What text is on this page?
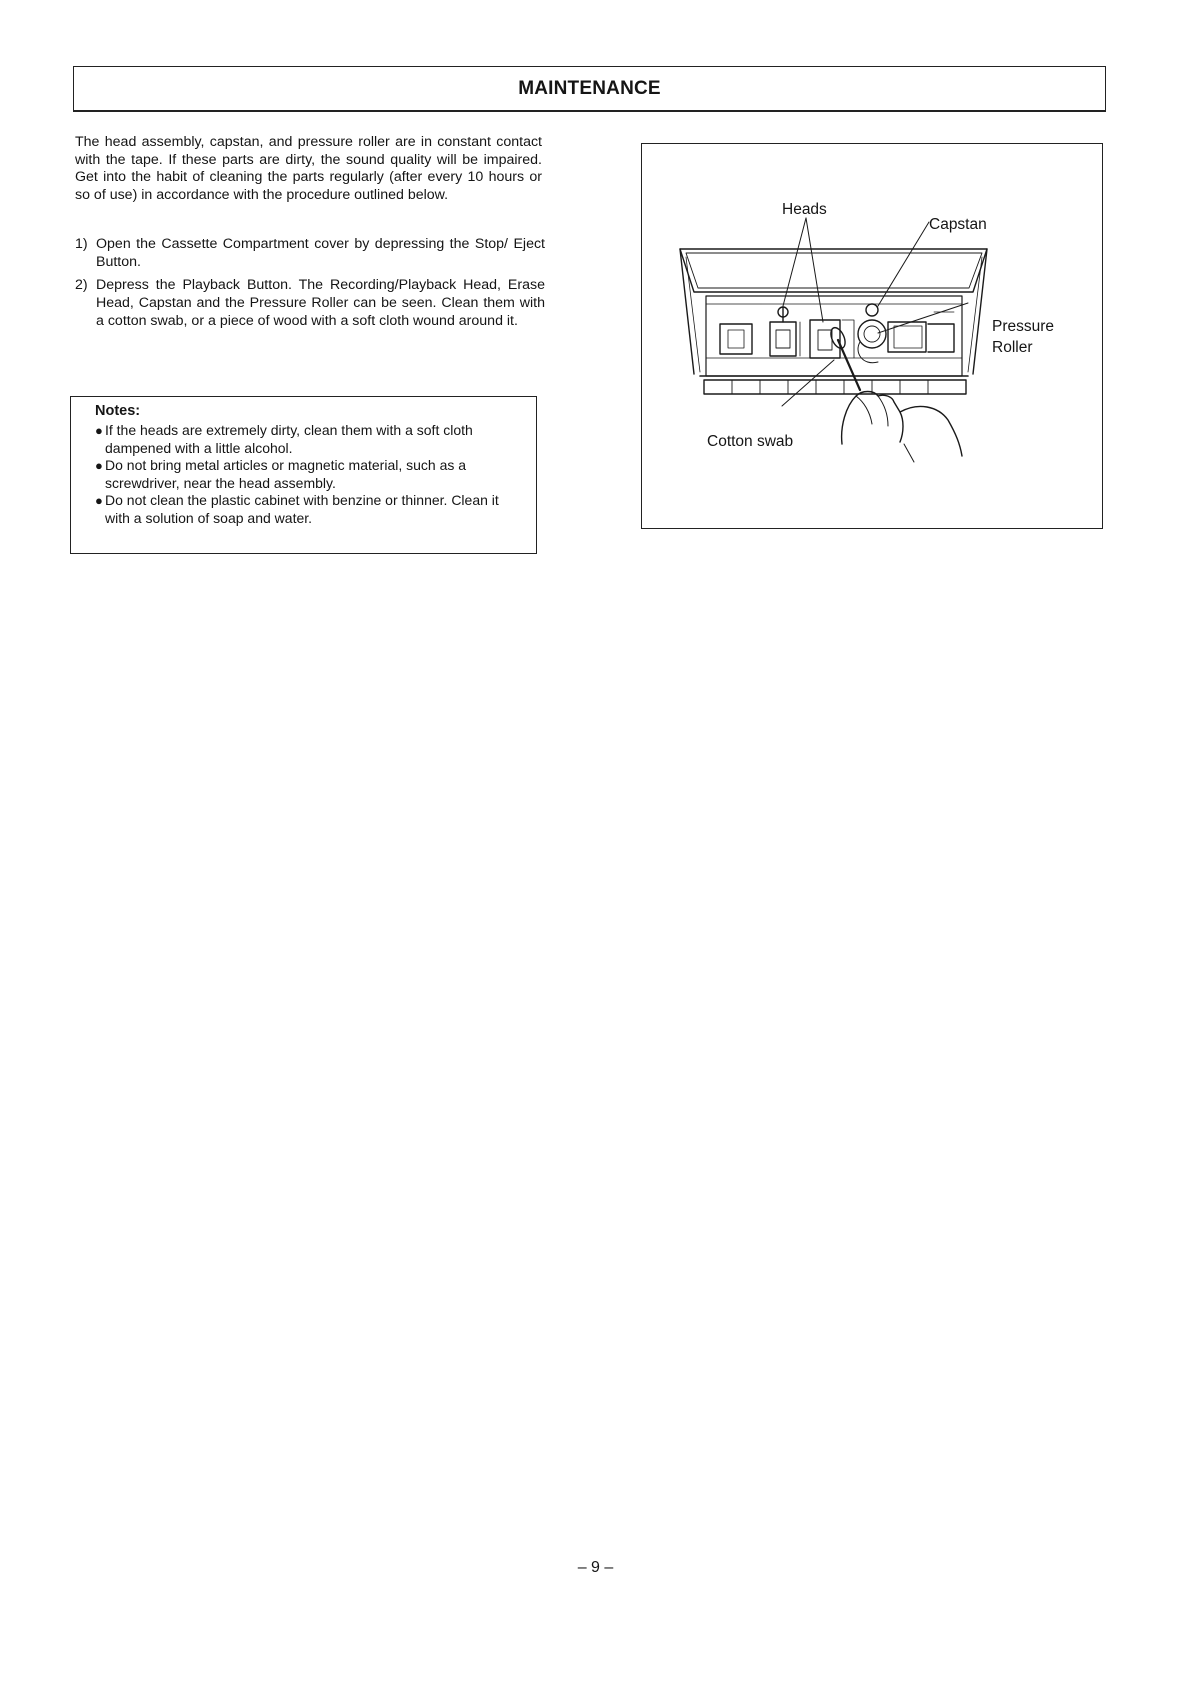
MAINTENANCE

The head assembly, capstan, and pressure roller are in constant contact with the tape. If these parts are dirty, the sound quality will be impaired. Get into the habit of cleaning the parts regularly (after every 10 hours or so of use) in accordance with the procedure outlined below.

1) Open the Cassette Compartment cover by depressing the Stop/ Eject Button.
2) Depress the Playback Button. The Recording/Playback Head, Erase Head, Capstan and the Pressure Roller can be seen. Clean them with a cotton swab, or a piece of wood with a soft cloth wound around it.
Notes:
● If the heads are extremely dirty, clean them with a soft cloth dampened with a little alcohol.
● Do not bring metal articles or magnetic material, such as a screwdriver, near the head assembly.
● Do not clean the plastic cabinet with benzine or thinner. Clean it with a solution of soap and water.
Heads
Capstan
Pressure
Roller
Cotton swab
– 9 –
